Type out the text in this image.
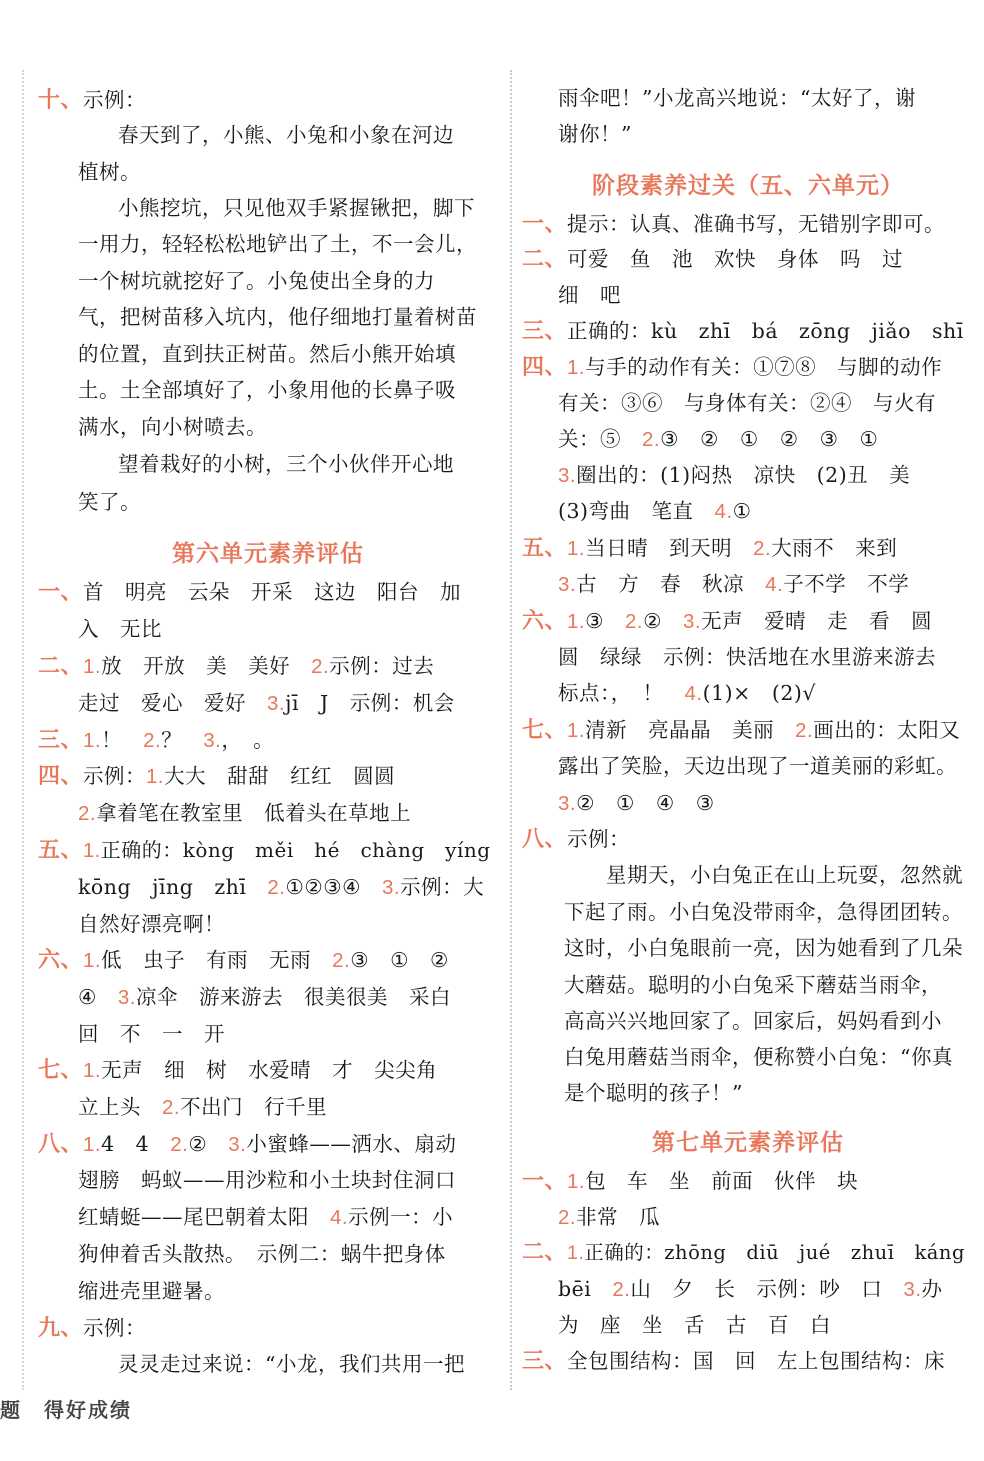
十、示例：
春天到了，小熊、小兔和小象在河边
植树。
小熊挖坑，只见他双手紧握锹把，脚下
一用力，轻轻松松地铲出了土，不一会儿，
一个树坑就挖好了。小兔使出全身的力
气，把树苗移入坑内，他仔细地打量着树苗
的位置，直到扶正树苗。然后小熊开始填
土。土全部填好了，小象用他的长鼻子吸
满水，向小树喷去。
望着栽好的小树，三个小伙伴开心地
笑了。
第六单元素养评估
一、首　明亮　云朵　开采　这边　阳台　加
入　无比
二、1.放　开放　美　美好　 2.示例：过去
走过　爱心　爱好　 3.jī　J　示例：机会
三、1.！　 2.？　 3.，　。
四、示例：1.大大　甜甜　红红　圆圆
2.拿着笔在教室里　低着头在草地上
五、1.正确的：kòng　měi　hé　chàng　yíng
kōng　jīng　zhī　 2.①②③④　 3.示例：大
自然好漂亮啊！
六、1.低　虫子　有雨　无雨　 2.③　①　②
④　 3.凉伞　游来游去　很美很美　采白
回　不　一　开
七、1.无声　细　树　水爱晴　才　尖尖角
立上头　 2.不出门　行千里
八、1.4　4　 2.②　 3.小蜜蜂——洒水、扇动
翅膀　蚂蚁——用沙粒和小土块封住洞口
红蜻蜓——尾巴朝着太阳　 4.示例一：小
狗伸着舌头散热。　示例二：蜗牛把身体
缩进壳里避暑。
九、示例：
灵灵走过来说：“小龙，我们共用一把
雨伞吧！”小龙高兴地说：“太好了，谢
谢你！”
阶段素养过关（五、六单元）
一、提示：认真、准确书写，无错别字即可。
二、可爱　鱼　池　欢快　身体　吗　过
细　吧
三、正确的：kù　zhī　bá　zōng　jiǎo　shī
四、1.与手的动作有关：①⑦⑧　与脚的动作
有关：③⑥　与身体有关：②④　与火有
关：⑤　 2.③　②　①　②　③　①
3.圈出的：(1)闷热　凉快　(2)丑　美
(3)弯曲　笔直　 4.①
五、1.当日晴　到天明　 2.大雨不　来到
3.古　方　春　秋凉　 4.子不学　不学
六、1.③　 2.②　 3.无声　爱晴　走　看　圆
圆　绿绿　示例：快活地在水里游来游去
标点：，　！　 4.(1)×　(2)√
七、1.清新　亮晶晶　美丽　 2.画出的：太阳又
露出了笑脸，天边出现了一道美丽的彩虹。
3.②　①　④　③
八、示例：
星期天，小白兔正在山上玩耍，忽然就
下起了雨。小白兔没带雨伞，急得团团转。
这时，小白兔眼前一亮，因为她看到了几朵
大蘑菇。聪明的小白兔采下蘑菇当雨伞，
高高兴兴地回家了。回家后，妈妈看到小
白兔用蘑菇当雨伞，便称赞小白兔：“你真
是个聪明的孩子！”
第七单元素养评估
一、1.包　车　坐　前面　伙伴　块
2.非常　瓜
二、1.正确的：zhōng　diū　jué　zhuī　káng
bēi　 2.山　夕　长　示例：吵　口　 3.办
为　座　坐　舌　古　百　白
三、全包围结构：国　回　左上包围结构：床
题　得好成绩
